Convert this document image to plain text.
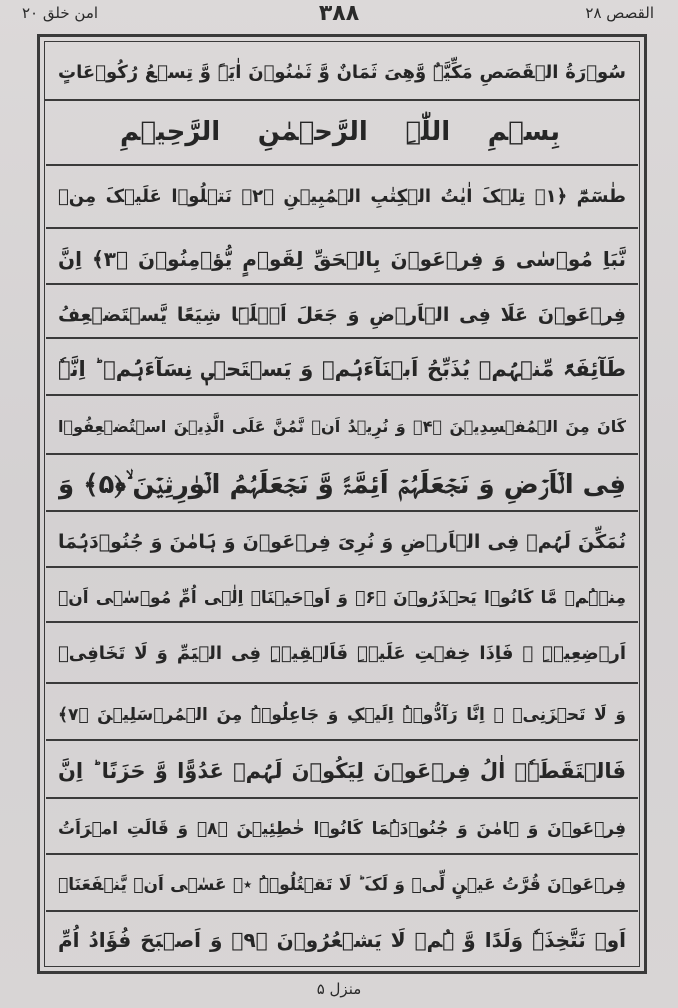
امن خلق ۲۰	۳۸۸	القصص ۲۸
سُوۡرَةُ الۡقَصَصِ مَکِّیَّۃٌ وَّھِیَ ثَمَانٌ وَّ ثَمٰنُوۡنَ اٰیَۃً وَّ تِسۡعُ رُکُوۡعَاتٍ
بِسۡمِ اللّٰہِ الرَّحۡمٰنِ الرَّحِیۡمِ
طٰسٓمّٓ ﴿۱﴾ تِلۡکَ اٰیٰتُ الۡکِتٰبِ الۡمُبِیۡنِ ﴿۲﴾ نَتۡلُوۡا عَلَیۡکَ مِنۡ
نَّبَاِ مُوۡسٰی وَ فِرۡعَوۡنَ بِالۡحَقِّ لِقَوۡمٍ یُّؤۡمِنُوۡنَ ﴿۳﴾ اِنَّ
فِرۡعَوۡنَ عَلَا فِی الۡاَرۡضِ وَ جَعَلَ اَہۡلَہَا شِیَعًا یَّسۡتَضۡعِفُ
طَآئِفَۃً مِّنۡہُمۡ یُذَبِّحُ اَبۡنَآءَہُمۡ وَ یَسۡتَحۡیٖ نِسَآءَہُمۡ ؕ اِنَّہٗ
کَانَ مِنَ الۡمُفۡسِدِیۡنَ ﴿۴﴾ وَ نُرِیۡدُ اَنۡ نَّمُنَّ عَلَی الَّذِیۡنَ اسۡتُضۡعِفُوۡا
فِی الۡاَرۡضِ وَ نَجۡعَلَہُمۡ اَئِمَّۃً وَّ نَجۡعَلَہُمُ الۡوٰرِثِیۡنَ ۙ﴿۵﴾ وَ
نُمَکِّنَ لَہُمۡ فِی الۡاَرۡضِ وَ نُرِیَ فِرۡعَوۡنَ وَ ہَامٰنَ وَ جُنُوۡدَہُمَا
مِنۡہُمۡ مَّا کَانُوۡا یَحۡذَرُوۡنَ ﴿۶﴾ وَ اَوۡحَیۡنَاۤ اِلٰۤی اُمِّ مُوۡسٰۤی اَنۡ
اَرۡضِعِیۡہِ ۚ فَاِذَا خِفۡتِ عَلَیۡہِ فَاَلۡقِیۡہِ فِی الۡیَمِّ وَ لَا تَخَافِیۡ
وَ لَا تَحۡزَنِیۡ ۚ اِنَّا رَآدُّوۡہُ اِلَیۡکِ وَ جَاعِلُوۡہُ مِنَ الۡمُرۡسَلِیۡنَ ﴿۷﴾
فَالۡتَقَطَہٗۤ اٰلُ فِرۡعَوۡنَ لِیَکُوۡنَ لَہُمۡ عَدُوًّا وَّ حَزَنًا ؕ اِنَّ
فِرۡعَوۡنَ وَ ہَامٰنَ وَ جُنُوۡدَہُمَا کَانُوۡا خٰطِئِیۡنَ ﴿۸﴾ وَ قَالَتِ امۡرَاَتُ
فِرۡعَوۡنَ قُرَّتُ عَیۡنٍ لِّیۡ وَ لَکَ ؕ لَا تَقۡتُلُوۡہُ ٭ۖ عَسٰۤی اَنۡ یَّنۡفَعَنَاۤ
اَوۡ نَتَّخِذَہٗ وَلَدًا وَّ ہُمۡ لَا یَشۡعُرُوۡنَ ﴿۹﴾ وَ اَصۡبَحَ فُؤَادُ اُمِّ
منزل ۵
